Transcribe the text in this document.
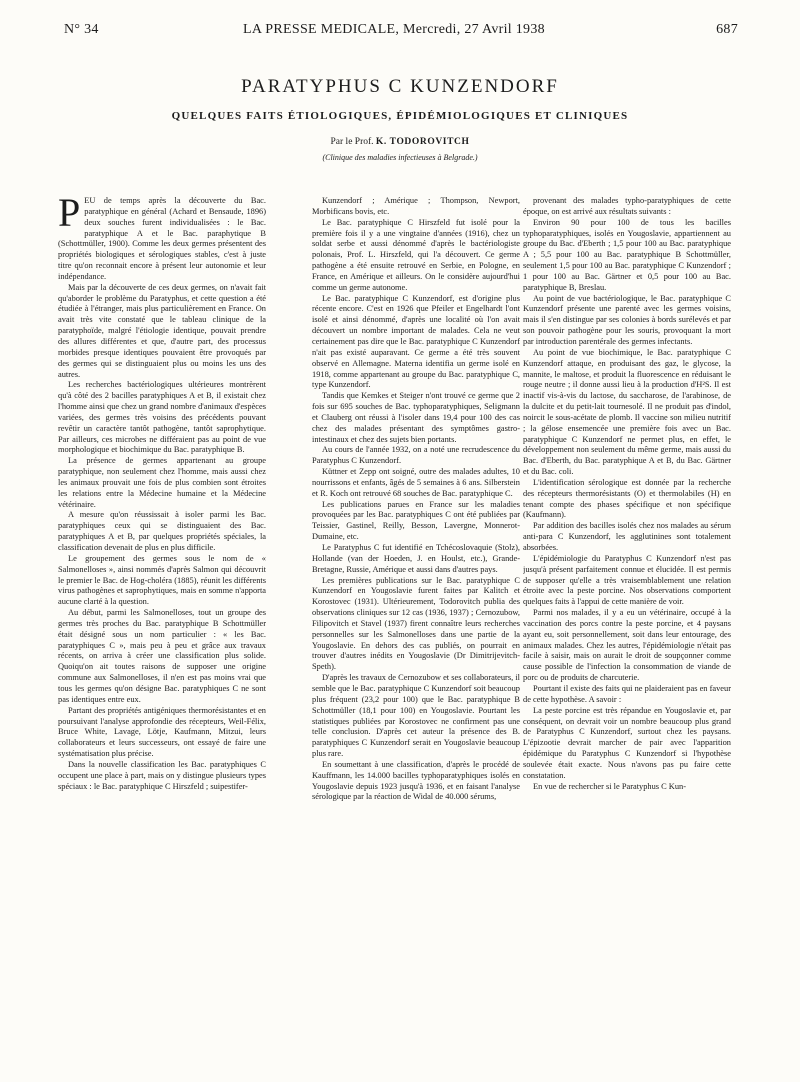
N° 34	LA PRESSE MEDICALE, Mercredi, 27 Avril 1938	687
PARATYPHUS C KUNZENDORF
QUELQUES FAITS ÉTIOLOGIQUES, ÉPIDÉMIOLOGIQUES ET CLINIQUES
Par le Prof. K. TODOROVITCH
(Clinique des maladies infectieuses à Belgrade.)

PEU de temps après la découverte du Bac. paratyphique en général (Achard et Bensaude, 1896) deux souches furent individualisées : le Bac. paratyphique A et le Bac. paraphytique B (Schottmüller, 1900). Comme les deux germes présentent des propriétés biologiques et sérologiques stables, c'est à juste titre qu'on reconnait encore à présent leur autonomie et leur indépendance.

Mais par la découverte de ces deux germes, on n'avait fait qu'aborder le problème du Paratyphus, et cette question a été étudiée à l'étranger, mais plus particulièrement en France. On avait très vite constaté que le tableau clinique de la paratyphoïde, malgré l'étiologie identique, pouvait prendre des allures différentes et que, d'autre part, des processus morbides presque identiques pouvaient être provoqués par des germes qui se distinguaient plus ou moins les uns des autres.

Les recherches bactériologiques ultérieures montrèrent qu'à côté des 2 bacilles paratyphiques A et B, il existait chez l'homme ainsi que chez un grand nombre d'animaux d'espèces variées, des germes très voisins des précédents pouvant revêtir un caractère tantôt pathogène, tantôt saprophytique. Par ailleurs, ces microbes ne différaient pas au point de vue morphologique et biochimique du Bac. paratyphique B.

La présence de germes appartenant au groupe paratyphique, non seulement chez l'homme, mais aussi chez les animaux prouvait une fois de plus combien sont étroites les relations entre la Médecine humaine et la Médecine vétérinaire.

A mesure qu'on réussissait à isoler parmi les Bac. paratyphiques ceux qui se distinguaient des Bac. paratyphiques A et B, par quelques propriétés spéciales, la classification devenait de plus en plus difficile.

Le groupement des germes sous le nom de « Salmonelloses », ainsi nommés d'après Salmon qui découvrit le premier le Bac. de Hog-choléra (1885), réunit les différents virus pathogènes et saprophytiques, mais en somme n'apporta aucune clarté à la question.

Au début, parmi les Salmonelloses, tout un groupe des germes très proches du Bac. paratyphique B Schottmüller était désigné sous un nom particulier : « les Bac. paratyphiques C », mais peu à peu et grâce aux travaux récents, on arriva à créer une classification plus solide. Quoiqu'on ait toutes raisons de supposer une origine commune aux Salmonelloses, il n'en est pas moins vrai que tous les germes qu'on désigne Bac. paratyphiques C ne sont pas identiques entre eux.

Partant des propriétés antigéniques thermorésistantes et en poursuivant l'analyse approfondie des récepteurs, Weil-Félix, Bruce White, Lavage, Lötje, Kaufmann, Mitzui, leurs collaborateurs et leurs successeurs, ont essayé de faire une systématisation plus précise.

Dans la nouvelle classification les Bac. paratyphiques C occupent une place à part, mais on y distingue plusieurs types spéciaux : le Bac. paratyphique C Hirszfeld ; suipestifer-

Kunzendorf ; Amérique ; Thompson, Newport, Morbificans bovis, etc.

Le Bac. paratyphique C Hirszfeld fut isolé pour la première fois il y a une vingtaine d'années (1916), chez un soldat serbe et aussi dénommé d'après le bactériologiste polonais, Prof. L. Hirszfeld, qui l'a découvert. Ce germe pathogène a été ensuite retrouvé en Serbie, en Pologne, en France, en Amérique et ailleurs. On le considère aujourd'hui comme un germe autonome.

Le Bac. paratyphique C Kunzendorf, est d'origine plus récente encore. C'est en 1926 que Pfeiler et Engelhardt l'ont isolé et ainsi dénommé, d'après une localité où l'on avait découvert un nombre important de malades. Cela ne veut certainement pas dire que le Bac. paratyphique C Kunzendorf n'ait pas existé auparavant. Ce germe a été très souvent observé en Allemagne. Materna identifia un germe isolé en 1918, comme appartenant au groupe du Bac. paratyphique C, type Kunzendorf.

Tandis que Kemkes et Steiger n'ont trouvé ce germe que 2 fois sur 695 souches de Bac. typhoparatyphiques, Seligmann et Clauberg ont réussi à l'isoler dans 19,4 pour 100 des cas chez des malades présentant des symptômes gastro-intestinaux et chez des sujets bien portants.

Au cours de l'année 1932, on a noté une recrudescence du Paratyphus C Kunzendorf.

Küttner et Zepp ont soigné, outre des malades adultes, 10 nourrissons et enfants, âgés de 5 semaines à 6 ans. Silberstein et R. Koch ont retrouvé 68 souches de Bac. paratyphique C.

Les publications parues en France sur les maladies provoquées par les Bac. paratyphiques C ont été publiées par Teissier, Gastinel, Reilly, Besson, Lavergne, Monnerot-Dumaine, etc.

Le Paratyphus C fut identifié en Tchécoslovaquie (Stolz), Hollande (van der Hoeden, J. en Houlst, etc.), Grande-Bretagne, Russie, Amérique et aussi dans d'autres pays.

Les premières publications sur le Bac. paratyphique C Kunzendorf en Yougoslavie furent faites par Kalitch et Korostovec (1931). Ultérieurement, Todorovitch publia des observations cliniques sur 12 cas (1936, 1937) ; Cernozubow, Filipovitch et Stavel (1937) firent connaître leurs recherches personnelles sur les Salmonelloses dans une partie de la Yougoslavie. En dehors des cas publiés, on pourrait en trouver d'autres inédits en Yougoslavie (Dr Dimitrijevitch-Speth).

D'après les travaux de Cernozubow et ses collaborateurs, il semble que le Bac. paratyphique C Kunzendorf soit beaucoup plus fréquent (23,2 pour 100) que le Bac. paratyphique B Schottmüller (18,1 pour 100) en Yougoslavie. Pourtant les statistiques publiées par Korostovec ne confirment pas une telle conclusion. D'après cet auteur la présence des B. paratyphiques C Kunzendorf serait en Yougoslavie beaucoup plus rare.

En soumettant à une classification, d'après le procédé de Kauffmann, les 14.000 bacilles typhoparatyphiques isolés en Yougoslavie depuis 1923 jusqu'à 1936, et en faisant l'analyse sérologique par la réaction de Widal de 40.000 sérums,

provenant des malades typho-paratyphiques de cette époque, on est arrivé aux résultats suivants :

Environ 90 pour 100 de tous les bacilles typhoparatyphiques, isolés en Yougoslavie, appartiennent au groupe du Bac. d'Eberth ; 1,5 pour 100 au Bac. paratyphique A ; 5,5 pour 100 au Bac. paratyphique B Schottmüller, seulement 1,5 pour 100 au Bac. paratyphique C Kunzendorf ; 1 pour 100 au Bac. Gärtner et 0,5 pour 100 au Bac. paratyphique B, Breslau.

Au point de vue bactériologique, le Bac. paratyphique C Kunzendorf présente une parenté avec les germes voisins, mais il s'en distingue par ses colonies à bords surélevés et par son pouvoir pathogène pour les souris, provoquant la mort par introduction parentérale des germes infectants.

Au point de vue biochimique, le Bac. paratyphique C Kunzendorf attaque, en produisant des gaz, le glycose, la mannite, le maltose, et produit la fluorescence en réduisant le rouge neutre ; il donne aussi lieu à la production d'H²S. Il est inactif vis-à-vis du lactose, du saccharose, de l'arabinose, de la dulcite et du petit-lait tournesolé. Il ne produit pas d'indol, noircit le sous-acétate de plomb. Il vaccine son milieu nutritif ; la gélose ensemencée une première fois avec un Bac. paratyphique C Kunzendorf ne permet plus, en effet, le développement non seulement du même germe, mais aussi du Bac. d'Eberth, du Bac. paratyphique A et B, du Bac. Gärtner et du Bac. coli.

L'identification sérologique est donnée par la recherche des récepteurs thermorésistants (O) et thermolabiles (H) en tenant compte des phases spécifique et non spécifique (Kaufmann).

Par addition des bacilles isolés chez nos malades au sérum anti-para C Kunzendorf, les agglutinines sont totalement absorbées.

L'épidémiologie du Paratyphus C Kunzendorf n'est pas jusqu'à présent parfaitement connue et élucidée. Il est permis de supposer qu'elle a très vraisemblablement une relation étroite avec la peste porcine. Nos observations comportent quelques faits à l'appui de cette manière de voir.

Parmi nos malades, il y a eu un vétérinaire, occupé à la vaccination des porcs contre la peste porcine, et 4 paysans ayant eu, soit personnellement, soit dans leur entourage, des animaux malades. Chez les autres, l'épidémiologie n'était pas facile à saisir, mais on aurait le droit de soupçonner comme cause possible de l'infection la consommation de viande de porc ou de produits de charcuterie.

Pourtant il existe des faits qui ne plaideraient pas en faveur de cette hypothèse. A savoir :

La peste porcine est très répandue en Yougoslavie et, par conséquent, on devrait voir un nombre beaucoup plus grand de Paratyphus C Kunzendorf, surtout chez les paysans. L'épizootie devrait marcher de pair avec l'apparition épidémique du Paratyphus C Kunzendorf si l'hypothèse soulevée était exacte. Nous n'avons pas pu faire cette constatation.

En vue de rechercher si le Paratyphus C Kun-
